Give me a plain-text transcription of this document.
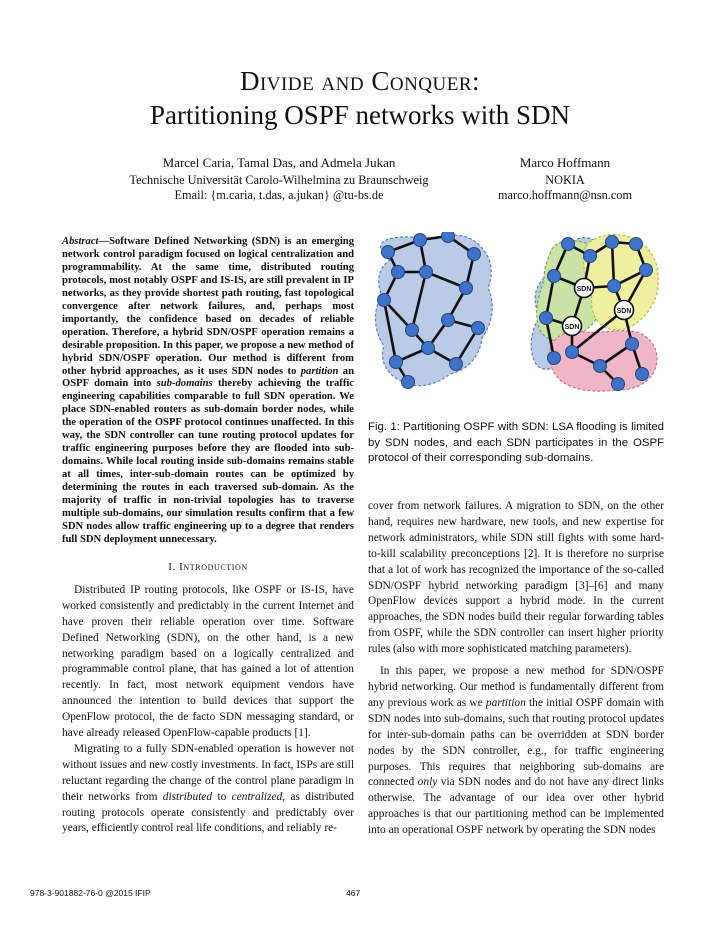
Divide and Conquer:
Partitioning OSPF networks with SDN
Marcel Caria, Tamal Das, and Admela Jukan
Technische Universität Carolo-Wilhelmina zu Braunschweig
Email: {m.caria, t.das, a.jukan} @tu-bs.de
Marco Hoffmann
NOKIA
marco.hoffmann@nsn.com

Abstract—Software Defined Networking (SDN) is an emerging network control paradigm focused on logical centralization and programmability. At the same time, distributed routing protocols, most notably OSPF and IS-IS, are still prevalent in IP networks, as they provide shortest path routing, fast topological convergence after network failures, and, perhaps most importantly, the confidence based on decades of reliable operation. Therefore, a hybrid SDN/OSPF operation remains a desirable proposition. In this paper, we propose a new method of hybrid SDN/OSPF operation. Our method is different from other hybrid approaches, as it uses SDN nodes to partition an OSPF domain into sub-domains thereby achieving the traffic engineering capabilities comparable to full SDN operation. We place SDN-enabled routers as sub-domain border nodes, while the operation of the OSPF protocol continues unaffected. In this way, the SDN controller can tune routing protocol updates for traffic engineering purposes before they are flooded into sub-domains. While local routing inside sub-domains remains stable at all times, inter-sub-domain routes can be optimized by determining the routes in each traversed sub-domain. As the majority of traffic in non-trivial topologies has to traverse multiple sub-domains, our simulation results confirm that a few SDN nodes allow traffic engineering up to a degree that renders full SDN deployment unnecessary.

I. Introduction

Distributed IP routing protocols, like OSPF or IS-IS, have worked consistently and predictably in the current Internet and have proven their reliable operation over time. Software Defined Networking (SDN), on the other hand, is a new networking paradigm based on a logically centralized and programmable control plane, that has gained a lot of attention recently. In fact, most network equipment vendors have announced the intention to build devices that support the OpenFlow protocol, the de facto SDN messaging standard, or have already released OpenFlow-capable products [1].

Migrating to a fully SDN-enabled operation is however not without issues and new costly investments. In fact, ISPs are still reluctant regarding the change of the control plane paradigm in their networks from distributed to centralized, as distributed routing protocols operate consistently and predictably over years, efficiently control real life conditions, and reliably re-

SDN
SDN
SDN
Fig. 1: Partitioning OSPF with SDN: LSA flooding is limited by SDN nodes, and each SDN participates in the OSPF protocol of their corresponding sub-domains.

cover from network failures. A migration to SDN, on the other hand, requires new hardware, new tools, and new expertise for network administrators, while SDN still fights with some hard-to-kill scalability preconceptions [2]. It is therefore no surprise that a lot of work has recognized the importance of the so-called SDN/OSPF hybrid networking paradigm [3]–[6] and many OpenFlow devices support a hybrid mode. In the current approaches, the SDN nodes build their regular forwarding tables from OSPF, while the SDN controller can insert higher priority rules (also with more sophisticated matching parameters).

In this paper, we propose a new method for SDN/OSPF hybrid networking. Our method is fundamentally different from any previous work as we partition the initial OSPF domain with SDN nodes into sub-domains, such that routing protocol updates for inter-sub-domain paths can be overridden at SDN border nodes by the SDN controller, e.g., for traffic engineering purposes. This requires that neighboring sub-domains are connected only via SDN nodes and do not have any direct links otherwise. The advantage of our idea over other hybrid approaches is that our partitioning method can be implemented into an operational OSPF network by operating the SDN nodes

978-3-901882-76-0 @2015 IFIP	467
